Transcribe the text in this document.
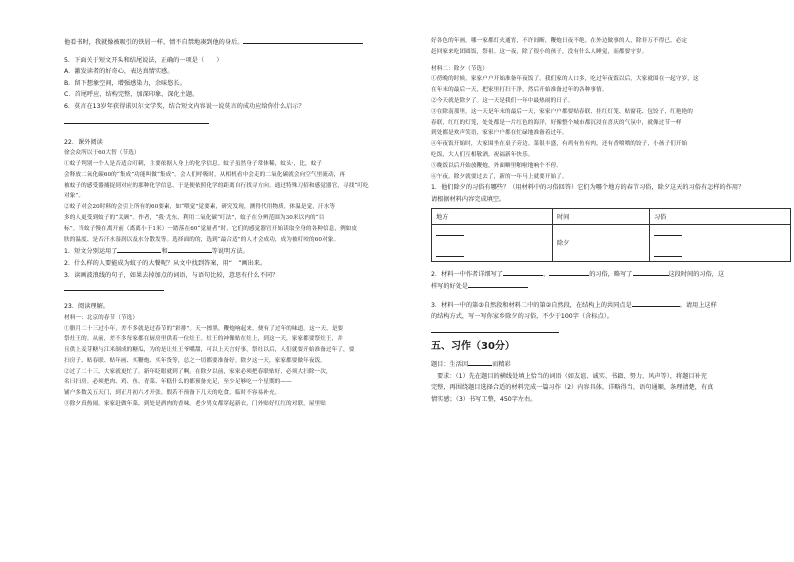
他看书时，我就像被吸引的铁屑一样，情不自禁地凑到他的身后。
5．下面关于短文开头和结尾说法，正确的一项是（　　）
A．激发读者的好奇心，表达真情实感。
B．留下想象空间，增强感染力，余味悠长。
C．首尾呼应，结构完整，加深印象，深化主题。
6．莫言在13岁年获得诺贝尔文学奖，结合短文内容说一说莫言的成功应给你什么启示？
22．课外阅读
徐会众所以于60大智（节选）
①蚊子判别一个人是否适合叮刺，主要依据人身上的化学信息。蚊子虽然身子常体稀，蚊头·，比，蚊子
会释放二氧化碳60的“集成”功能叫做“集成”。会人们呼吸时，从相机看中会走的二氧化碳就会向空气里流动，再
被蚊子的感受器捕捉到对应的那种化学信息，于是便依照化学的距离自行找寻方向。通过特殊刀招和感觉器官，寻找“叮吃
对象”。
②蚊子对会20时料的会引上所有的60要素，如“喂觉”觉要素，研究发现，测得代用物质，体温是觉，汗水等
多的人更受到蚊子的“关顾”。作者，“我·尤东，利用二氧化碳“叮法”，蚊子在分辨范围为30米以内的“目
标”。当蚊子慢在离开前（离离小于1米）一踏落在60“觉量者”时，它们的感觉器官开始读取全身的各种信息，例如皮
肤的温度、是否汗水湿润以及水分散发等。选择面的的，选到“最合适”的人才会成功，成为被叮咬的60对象。
1．短文分别运用了	和	等说明方法。
2．什么样的人要能成为蚊子的大餐呢？从文中找到答案，用“　”画出来。
3．读画波浪线的句子，如果去掉加点的词语，与语句比较，意思有什么不同？
23．阅读理解。
材料一：北京的春节（节选）
①腊月二十三过小年，差不多就是过春节的“彩排”。天一擦黑，鞭炮响起来，便有了过年的味道。这一天，是要
祭灶王的。从前，差不多每家都在厨房里供着一位灶王。灶王的神像贴在灶上，到这一天，家家都要祭灶王，并
且供上麦芽糖与江米制成的糖瓜，为的是让灶王爷嘴甜，可以上天言好事。祭灶以后，人们就要开始准备过年了，要
扫房子、贴春联、贴年画、买鞭炮、买年货等，总之一切都要准备好。除夕这一天，家家都要做年夜饭。
②过了二十三，大家就更忙了。新年眨眼就到了啊。在除夕以前，家家必须把春联贴好，必须大扫除一次，
名曰扫房。必须把肉、鸡、鱼、青菜、年糕什么的都预备充足，至少足够吃一个星期的——
铺户多数关五天门，到正月初六才开张。假若不预备下几天的吃食，临时不容易补充。
③除夕真热闹。家家赶做年菜，到处是酒肉的香味。老少男女都穿起新衣，门外贴好红红的对联，屋里贴
好各色的年画，哪一家都灯火通宵，不许间断，鞭炮日夜不绝。在外边做事的人，除非万不得已，必定
赶回家来吃团圆饭，祭祖。这一夜，除了很小的孩子，没有什么人睡觉，而都要守岁。
材料二：除夕（节选）
①傍晚的时候，家家户户开始准备年夜饭了。我们家的人口多，吃过年夜饭以后，大家就围在一起守岁，这
在年末的最后一天，把家里打扫干净，然后开始准备过年的各种事情。
②今天就是除夕了。这一天是我们一年中最热闹的日子。
③在除南那里，这一天是年末的最后一天，家家户户都要贴春联、挂红灯笼、贴窗花、包饺子，红艳艳的
春联，红红的灯笼，处处都是一片红色的海洋，好像整个城市都沉浸在喜庆的气氛中，就像过节一样
到处都是欢声笑语，家家户户都在忙碌地准备着过年。
④年夜饭开始时，大家围坐在桌子旁边。菜很丰盛，有鸡有鱼有肉，还有香喷喷的饺子，小孩子们开始
吃饭，大人们互相敬酒，祝福新年快乐。
⑤晚饭以后开始放鞭炮，外面噼里啪啦地响个不停。
⑥午夜，除夕就要过去了，新的一年马上就要开始了。
1．他们除夕的习俗有哪些？（用材料中的习俗回答）它们为哪个地方的春节习俗，除夕这天的习俗有怎样的作用？
请根据材料内容完成填空。
地方	时间	习俗

	除夕	
2．材料一中作者详细写了	、	的习俗，略写了	这段时间的习俗，这
样写的好处是
3．材料一中的第③自然段和材料二中的第②自然段，在结构上的共同点是	。请用上这样
的结构方式，写一写你家乡除夕的习俗，不少于100字（含标点）。
五、习作（30分）
题目：生活因	而精彩
要求：（1）先在题目的横线处填上恰当的词语（如友谊、诚实、书籍、努力、风声等），将题目补充
完整，再围绕题目选择合适的材料完成一篇习作（2）内容具体，详略得当，语句通顺，条理清楚，有真
情实感；（3）书写工整，450字左右。
